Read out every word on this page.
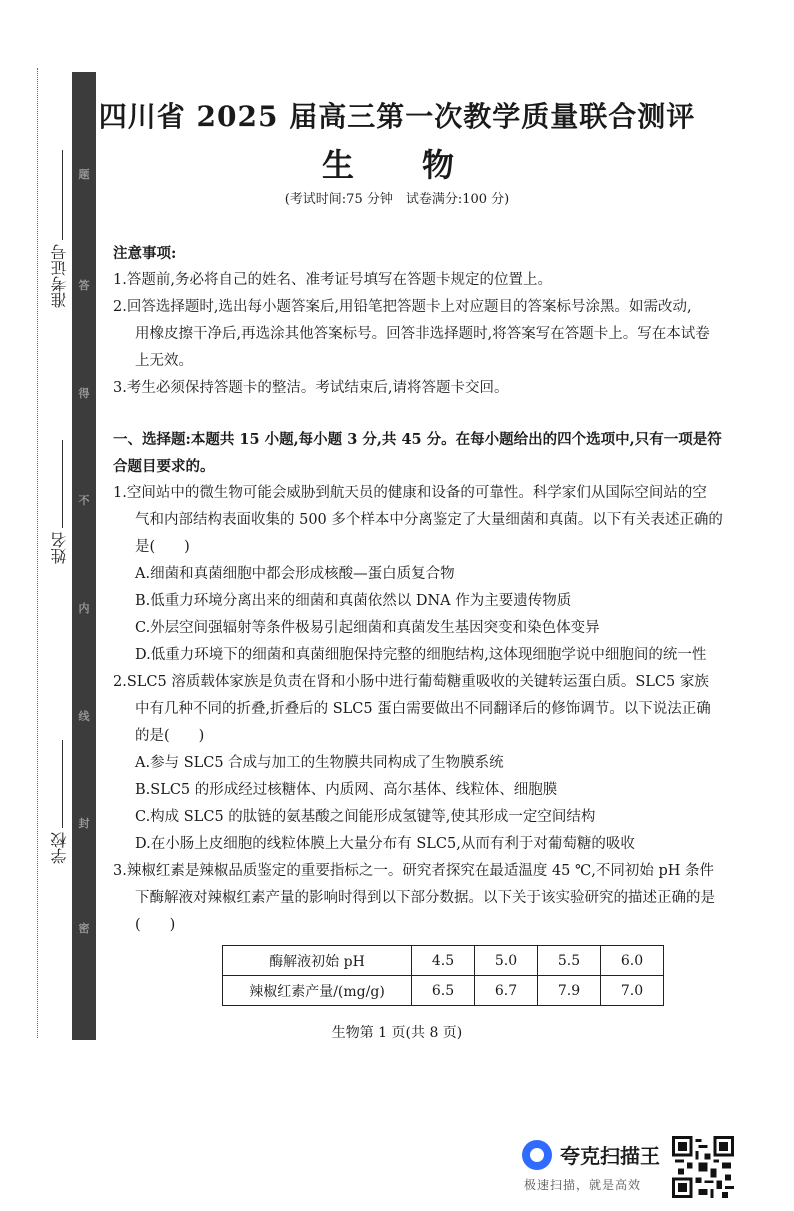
题
答
得
不
内
线
封
密
准考证号
姓名
学校
四川省 2025 届高三第一次教学质量联合测评
生　物
(考试时间:75 分钟　试卷满分:100 分)
注意事项:
1.答题前,务必将自己的姓名、准考证号填写在答题卡规定的位置上。
2.回答选择题时,选出每小题答案后,用铅笔把答题卡上对应题目的答案标号涂黑。如需改动,
用橡皮擦干净后,再选涂其他答案标号。回答非选择题时,将答案写在答题卡上。写在本试卷
上无效。
3.考生必须保持答题卡的整洁。考试结束后,请将答题卡交回。
一、选择题:本题共 15 小题,每小题 3 分,共 45 分。在每小题给出的四个选项中,只有一项是符
合题目要求的。
1.空间站中的微生物可能会威胁到航天员的健康和设备的可靠性。科学家们从国际空间站的空
气和内部结构表面收集的 500 多个样本中分离鉴定了大量细菌和真菌。以下有关表述正确的
是(　　)
A.细菌和真菌细胞中都会形成核酸—蛋白质复合物
B.低重力环境分离出来的细菌和真菌依然以 DNA 作为主要遗传物质
C.外层空间强辐射等条件极易引起细菌和真菌发生基因突变和染色体变异
D.低重力环境下的细菌和真菌细胞保持完整的细胞结构,这体现细胞学说中细胞间的统一性
2.SLC5 溶质载体家族是负责在肾和小肠中进行葡萄糖重吸收的关键转运蛋白质。SLC5 家族
中有几种不同的折叠,折叠后的 SLC5 蛋白需要做出不同翻译后的修饰调节。以下说法正确
的是(　　)
A.参与 SLC5 合成与加工的生物膜共同构成了生物膜系统
B.SLC5 的形成经过核糖体、内质网、高尔基体、线粒体、细胞膜
C.构成 SLC5 的肽链的氨基酸之间能形成氢键等,使其形成一定空间结构
D.在小肠上皮细胞的线粒体膜上大量分布有 SLC5,从而有利于对葡萄糖的吸收
3.辣椒红素是辣椒品质鉴定的重要指标之一。研究者探究在最适温度 45 ℃,不同初始 pH 条件
下酶解液对辣椒红素产量的影响时得到以下部分数据。以下关于该实验研究的描述正确的是
(　　)
酶解液初始 pH	4.5	5.0	5.5	6.0
辣椒红素产量/(mg/g)	6.5	6.7	7.9	7.0
生物第 1 页(共 8 页)
夸克扫描王
极速扫描，就是高效
